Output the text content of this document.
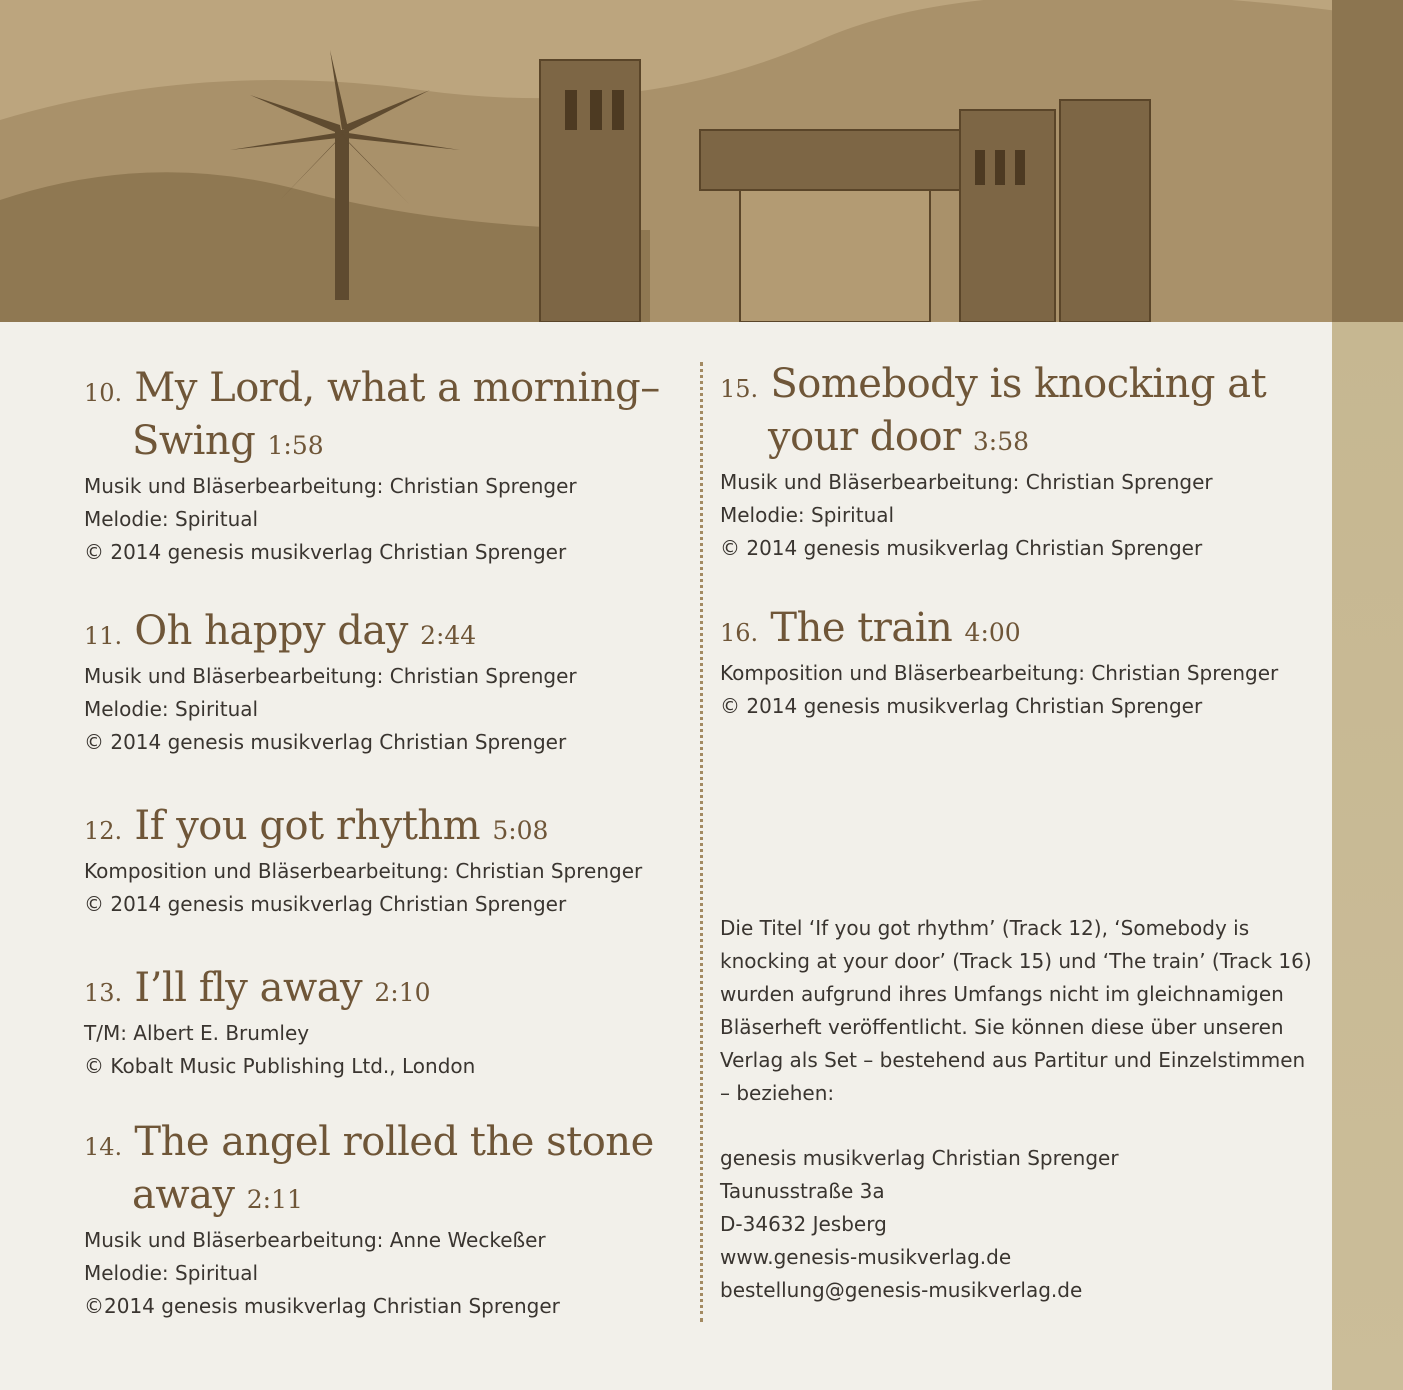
10. My Lord, what a morning–
Swing 1:58
Musik und Bläserbearbeitung: Christian Sprenger
Melodie: Spiritual
© 2014 genesis musikverlag Christian Sprenger
11. Oh happy day 2:44
Musik und Bläserbearbeitung: Christian Sprenger
Melodie: Spiritual
© 2014 genesis musikverlag Christian Sprenger
12. If you got rhythm 5:08
Komposition und Bläserbearbeitung: Christian Sprenger
© 2014 genesis musikverlag Christian Sprenger
13. I’ll fly away 2:10
T/M: Albert E. Brumley
© Kobalt Music Publishing Ltd., London
14. The angel rolled the stone
away 2:11
Musik und Bläserbearbeitung: Anne Weckeßer
Melodie: Spiritual
©2014 genesis musikverlag Christian Sprenger
15. Somebody is knocking at
your door 3:58
Musik und Bläserbearbeitung: Christian Sprenger
Melodie: Spiritual
© 2014 genesis musikverlag Christian Sprenger
16. The train 4:00
Komposition und Bläserbearbeitung: Christian Sprenger
© 2014 genesis musikverlag Christian Sprenger
Die Titel ‘If you got rhythm’ (Track 12), ‘Somebody is knocking at your door’ (Track 15) und ‘The train’ (Track 16) wurden aufgrund ihres Umfangs nicht im gleichnamigen Bläserheft veröffentlicht. Sie können diese über unseren Verlag als Set – bestehend aus Partitur und Einzelstimmen – beziehen:
genesis musikverlag Christian Sprenger
Taunusstraße 3a
D-34632 Jesberg
www.genesis-musikverlag.de
bestellung@genesis-musikverlag.de
